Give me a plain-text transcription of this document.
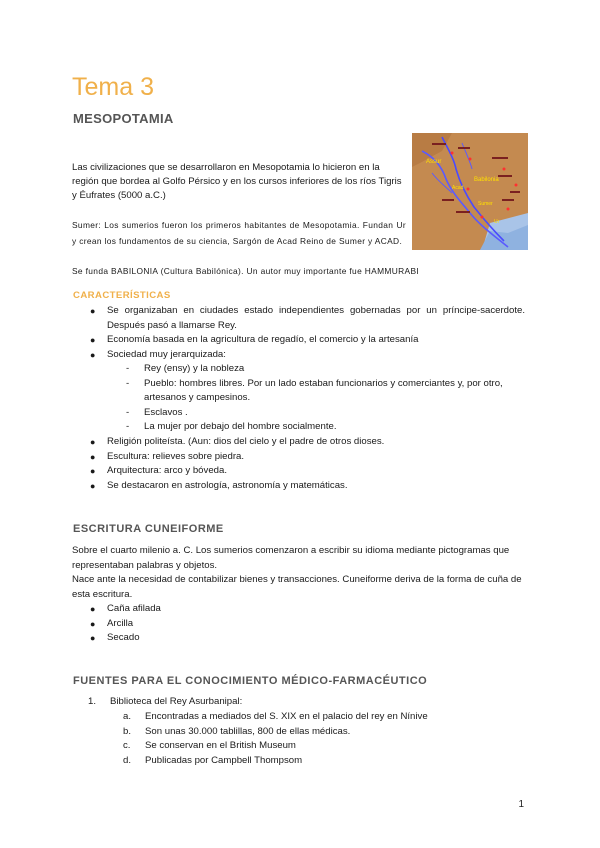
Tema 3
MESOPOTAMIA
Assur
Babilonia
Acad
Sumer
Ur

Las civilizaciones que se desarrollaron en Mesopotamia lo hicieron en la región que bordea al Golfo Pérsico y en los cursos inferiores de los ríos Tigris y Éufrates (5000 a.C.)

Sumer: Los sumerios fueron los primeros habitantes de Mesopotamia. Fundan Ur y crean los fundamentos de su ciencia, Sargón de Acad Reino de Sumer y ACAD.

Se funda BABILONIA (Cultura Babilónica). Un autor muy importante fue HAMMURABI

CARACTERÍSTICAS
● Se organizaban en ciudades estado independientes gobernadas por un príncipe-sacerdote. Después pasó a llamarse Rey.
● Economía basada en la agricultura de regadío, el comercio y la artesanía
● Sociedad muy jerarquizada:
- Rey (ensy) y la nobleza
- Pueblo: hombres libres. Por un lado estaban funcionarios y comerciantes y, por otro, artesanos y campesinos.
- Esclavos .
- La mujer por debajo del hombre socialmente.
● Religión politeísta. (Aun: dios del cielo y el padre de otros dioses.
● Escultura: relieves sobre piedra.
● Arquitectura: arco y bóveda.
● Se destacaron en astrología, astronomía y matemáticas.
ESCRITURA CUNEIFORME

Sobre el cuarto milenio a. C. Los sumerios comenzaron a escribir su idioma mediante pictogramas que representaban palabras y objetos.

Nace ante la necesidad de contabilizar bienes y transacciones. Cuneiforme deriva de la forma de cuña de esta escritura.

● Caña afilada
● Arcilla
● Secado
FUENTES PARA EL CONOCIMIENTO MÉDICO-FARMACÉUTICO
1. Biblioteca del Rey Asurbanipal:
a. Encontradas a mediados del S. XIX en el palacio del rey en Nínive
b. Son unas 30.000 tablillas, 800 de ellas médicas.
c. Se conservan en el British Museum
d. Publicadas por Campbell Thompsom
1
